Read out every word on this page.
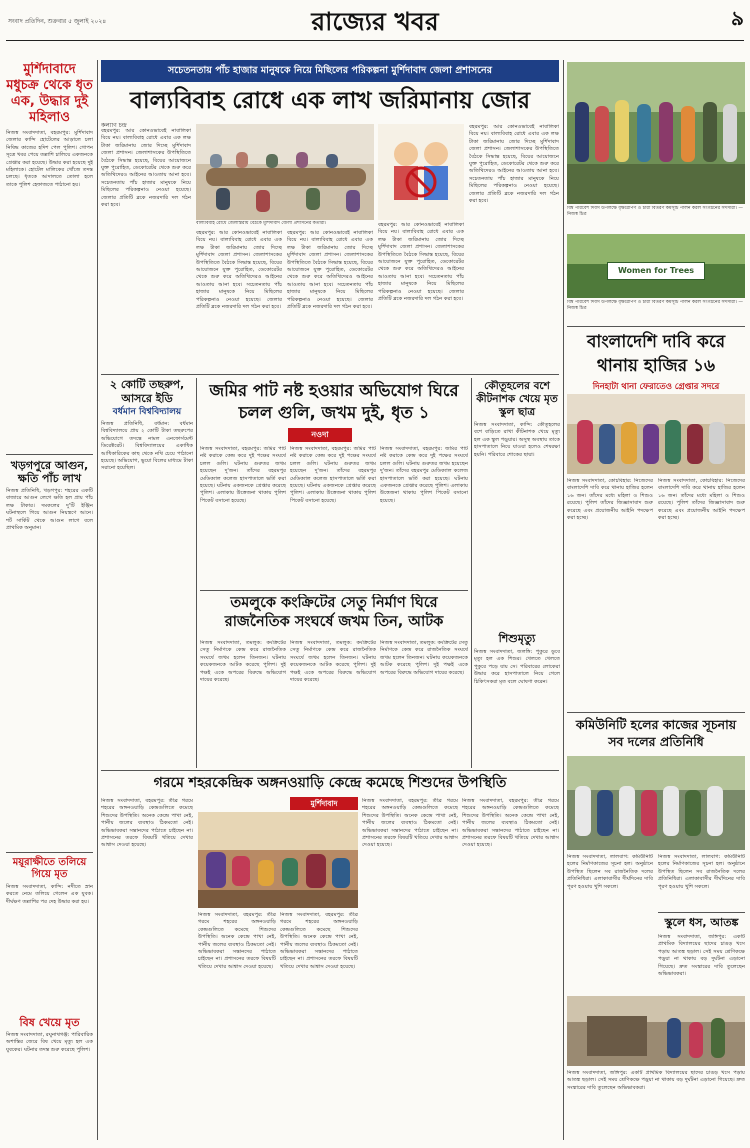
সংবাদ প্রতিদিন, শুক্রবার ৫ জুলাই ২০২৪	রাজ্যের খবর	৯
মুর্শিদাবাদে মধুচক্র থেকে ধৃত এক, উদ্ধার দুই মহিলাও
নিজস্ব সংবাদদাতা, বহরমপুর: মুর্শিদাবাদ জেলার কান্দি হোটেলের আড়ালে চলা নিষিদ্ধ কাজের হদিশ পেল পুলিশ। গোপন সূত্রে খবর পেয়ে তল্লাশি চালিয়ে একজনকে গ্রেপ্তার করা হয়েছে। উদ্ধার করা হয়েছে দুই মহিলাকে। হোটেল মালিকের খোঁজে তদন্ত চলছে। ধৃতকে আদালতে তোলা হলে তাকে পুলিশ হেফাজতে পাঠানো হয়।
খড়গপুরে আগুন, ক্ষতি পাঁচ লাখ
নিজস্ব প্রতিনিধি, খড়গপুর: শহরের একটি বাজারে আগুন লেগে ক্ষতি হল প্রায় পাঁচ লক্ষ টাকার। দমকলের দু'টি ইঞ্জিন ঘটনাস্থলে গিয়ে আগুন নিয়ন্ত্রণে আনে। শর্ট সার্কিট থেকে আগুন লাগে বলে প্রাথমিক অনুমান।
ময়ূরাক্ষীতে তলিয়ে গিয়ে মৃত
নিজস্ব সংবাদদাতা, কান্দি: নদীতে স্নান করতে নেমে তলিয়ে গেলেন এক যুবক। দীর্ঘক্ষণ তল্লাশির পর দেহ উদ্ধার করা হয়।
বিষ খেয়ে মৃত
নিজস্ব সংবাদদাতা, রঘুনাথগঞ্জ: পারিবারিক অশান্তির জেরে বিষ খেয়ে মৃত্যু হল এক যুবকের। ঘটনার তদন্ত শুরু করেছে পুলিশ।
সচেতনতায় পাঁচ হাজার মানুষকে নিয়ে মিছিলের পরিকল্পনা মুর্শিদাবাদ জেলা প্রশাসনের
বাল্যবিবাহ রোধে এক লাখ জরিমানায় জোর
কল্যাণ চন্দ্র
বহরমপুর: আর কোনওভাবেই নাবালিকা বিয়ে নয়। বাল্যবিবাহ রোধে এবার এক লক্ষ টাকা জরিমানায় জোর দিচ্ছে মুর্শিদাবাদ জেলা প্রশাসন। জেলাশাসকের উপস্থিতিতে বৈঠকে সিদ্ধান্ত হয়েছে, বিয়ের আয়োজনে যুক্ত পুরোহিত, ডেকোরেটর থেকে শুরু করে অতিথিদেরও আইনের আওতায় আনা হবে। সচেতনতায় পাঁচ হাজার মানুষকে নিয়ে মিছিলের পরিকল্পনাও নেওয়া হয়েছে। জেলার প্রতিটি ব্লকে নজরদারি দল গঠন করা হবে।
বাল্যবিবাহ রোধে জেলাস্তরীয় বৈঠকে মুর্শিদাবাদ জেলা প্রশাসনের কর্তারা।
বহরমপুর: আর কোনওভাবেই নাবালিকা বিয়ে নয়। বাল্যবিবাহ রোধে এবার এক লক্ষ টাকা জরিমানায় জোর দিচ্ছে মুর্শিদাবাদ জেলা প্রশাসন। জেলাশাসকের উপস্থিতিতে বৈঠকে সিদ্ধান্ত হয়েছে, বিয়ের আয়োজনে যুক্ত পুরোহিত, ডেকোরেটর থেকে শুরু করে অতিথিদেরও আইনের আওতায় আনা হবে। সচেতনতায় পাঁচ হাজার মানুষকে নিয়ে মিছিলের পরিকল্পনাও নেওয়া হয়েছে। জেলার প্রতিটি ব্লকে নজরদারি দল গঠন করা হবে।
বহরমপুর: আর কোনওভাবেই নাবালিকা বিয়ে নয়। বাল্যবিবাহ রোধে এবার এক লক্ষ টাকা জরিমানায় জোর দিচ্ছে মুর্শিদাবাদ জেলা প্রশাসন। জেলাশাসকের উপস্থিতিতে বৈঠকে সিদ্ধান্ত হয়েছে, বিয়ের আয়োজনে যুক্ত পুরোহিত, ডেকোরেটর থেকে শুরু করে অতিথিদেরও আইনের আওতায় আনা হবে। সচেতনতায় পাঁচ হাজার মানুষকে নিয়ে মিছিলের পরিকল্পনাও নেওয়া হয়েছে। জেলার প্রতিটি ব্লকে নজরদারি দল গঠন করা হবে।
বহরমপুর: আর কোনওভাবেই নাবালিকা বিয়ে নয়। বাল্যবিবাহ রোধে এবার এক লক্ষ টাকা জরিমানায় জোর দিচ্ছে মুর্শিদাবাদ জেলা প্রশাসন। জেলাশাসকের উপস্থিতিতে বৈঠকে সিদ্ধান্ত হয়েছে, বিয়ের আয়োজনে যুক্ত পুরোহিত, ডেকোরেটর থেকে শুরু করে অতিথিদেরও আইনের আওতায় আনা হবে। সচেতনতায় পাঁচ হাজার মানুষকে নিয়ে মিছিলের পরিকল্পনাও নেওয়া হয়েছে। জেলার প্রতিটি ব্লকে নজরদারি দল গঠন করা হবে।
বহরমপুর: আর কোনওভাবেই নাবালিকা বিয়ে নয়। বাল্যবিবাহ রোধে এবার এক লক্ষ টাকা জরিমানায় জোর দিচ্ছে মুর্শিদাবাদ জেলা প্রশাসন। জেলাশাসকের উপস্থিতিতে বৈঠকে সিদ্ধান্ত হয়েছে, বিয়ের আয়োজনে যুক্ত পুরোহিত, ডেকোরেটর থেকে শুরু করে অতিথিদেরও আইনের আওতায় আনা হবে। সচেতনতায় পাঁচ হাজার মানুষকে নিয়ে মিছিলের পরিকল্পনাও নেওয়া হয়েছে। জেলার প্রতিটি ব্লকে নজরদারি দল গঠন করা হবে।
২ কোটি তছরুপ, আসরে ইডি
বর্ধমান বিশ্ববিদ্যালয়
নিজস্ব প্রতিনিধি, বর্ধমান: বর্ধমান বিশ্ববিদ্যালয়ে প্রায় ২ কোটি টাকা তছরুপের অভিযোগে তদন্তে নামল এনফোর্সমেন্ট ডিরেক্টরেট। বিশ্ববিদ্যালয়ের একাধিক আধিকারিকের কাছ থেকে নথি চেয়ে পাঠানো হয়েছে। অভিযোগ, ভুয়ো বিলের মাধ্যমে টাকা সরানো হয়েছিল।
জমির পাট নষ্ট হওয়ার অভিযোগ ঘিরে চলল গুলি, জখম দুই, ধৃত ১
নওদা
নিজস্ব সংবাদদাতা, বহরমপুর: জমির পাট নষ্ট করাকে কেন্দ্র করে দুই পক্ষের সংঘর্ষে চলল গুলি। ঘটনায় গুরুতর জখম হয়েছেন দু'জন। তাঁদের বহরমপুর মেডিক্যাল কলেজ হাসপাতালে ভর্তি করা হয়েছে। ঘটনায় একজনকে গ্রেপ্তার করেছে পুলিশ। এলাকায় উত্তেজনা থাকায় পুলিশ পিকেট বসানো হয়েছে।
নিজস্ব সংবাদদাতা, বহরমপুর: জমির পাট নষ্ট করাকে কেন্দ্র করে দুই পক্ষের সংঘর্ষে চলল গুলি। ঘটনায় গুরুতর জখম হয়েছেন দু'জন। তাঁদের বহরমপুর মেডিক্যাল কলেজ হাসপাতালে ভর্তি করা হয়েছে। ঘটনায় একজনকে গ্রেপ্তার করেছে পুলিশ। এলাকায় উত্তেজনা থাকায় পুলিশ পিকেট বসানো হয়েছে।
নিজস্ব সংবাদদাতা, বহরমপুর: জমির পাট নষ্ট করাকে কেন্দ্র করে দুই পক্ষের সংঘর্ষে চলল গুলি। ঘটনায় গুরুতর জখম হয়েছেন দু'জন। তাঁদের বহরমপুর মেডিক্যাল কলেজ হাসপাতালে ভর্তি করা হয়েছে। ঘটনায় একজনকে গ্রেপ্তার করেছে পুলিশ। এলাকায় উত্তেজনা থাকায় পুলিশ পিকেট বসানো হয়েছে।
কৌতূহলের বশে কীটনাশক খেয়ে মৃত স্কুল ছাত্র
নিজস্ব সংবাদদাতা, কান্দি: কৌতূহলের বশে বাড়িতে রাখা কীটনাশক খেয়ে মৃত্যু হল এক স্কুল পড়ুয়ার। অসুস্থ অবস্থায় তাকে হাসপাতালে নিয়ে যাওয়া হলেও শেষরক্ষা হয়নি। পরিবারে শোকের ছায়া।
শিশুমৃত্যু
নিজস্ব সংবাদদাতা, জলঙ্গি: পুকুরে ডুবে মৃত্যু হল এক শিশুর। খেলতে খেলতে পুকুরে পড়ে যায় সে। পরিবারের লোকেরা উদ্ধার করে হাসপাতালে নিয়ে গেলে চিকিৎসকরা মৃত বলে ঘোষণা করেন।
তমলুকে কংক্রিটের সেতু নির্মাণ ঘিরে রাজনৈতিক সংঘর্ষে জখম তিন, আটক
নিজস্ব সংবাদদাতা, তমলুক: কংক্রিটের সেতু নির্মাণকে কেন্দ্র করে রাজনৈতিক সংঘর্ষে জখম হলেন তিনজন। ঘটনায় কয়েকজনকে আটক করেছে পুলিশ। দুই পক্ষই একে অপরের বিরুদ্ধে অভিযোগ দায়ের করেছে।
নিজস্ব সংবাদদাতা, তমলুক: কংক্রিটের সেতু নির্মাণকে কেন্দ্র করে রাজনৈতিক সংঘর্ষে জখম হলেন তিনজন। ঘটনায় কয়েকজনকে আটক করেছে পুলিশ। দুই পক্ষই একে অপরের বিরুদ্ধে অভিযোগ দায়ের করেছে।
নিজস্ব সংবাদদাতা, তমলুক: কংক্রিটের সেতু নির্মাণকে কেন্দ্র করে রাজনৈতিক সংঘর্ষে জখম হলেন তিনজন। ঘটনায় কয়েকজনকে আটক করেছে পুলিশ। দুই পক্ষই একে অপরের বিরুদ্ধে অভিযোগ দায়ের করেছে।
গরমে শহরকেন্দ্রিক অঙ্গনওয়াড়ি কেন্দ্রে কমেছে শিশুদের উপস্থিতি
নিজস্ব সংবাদদাতা, বহরমপুর: তীব্র গরমে শহরের অঙ্গনওয়াড়ি কেন্দ্রগুলিতে কমেছে শিশুদের উপস্থিতি। অনেক কেন্দ্রে পাখা নেই, পানীয় জলের ব্যবস্থাও ঠিকমতো নেই। অভিভাবকরা সন্তানদের পাঠাতে চাইছেন না। প্রশাসনের তরফে বিষয়টি খতিয়ে দেখার আশ্বাস দেওয়া হয়েছে।
মুর্শিদাবাদ
নিজস্ব সংবাদদাতা, বহরমপুর: তীব্র গরমে শহরের অঙ্গনওয়াড়ি কেন্দ্রগুলিতে কমেছে শিশুদের উপস্থিতি। অনেক কেন্দ্রে পাখা নেই, পানীয় জলের ব্যবস্থাও ঠিকমতো নেই। অভিভাবকরা সন্তানদের পাঠাতে চাইছেন না। প্রশাসনের তরফে বিষয়টি খতিয়ে দেখার আশ্বাস দেওয়া হয়েছে।
নিজস্ব সংবাদদাতা, বহরমপুর: তীব্র গরমে শহরের অঙ্গনওয়াড়ি কেন্দ্রগুলিতে কমেছে শিশুদের উপস্থিতি। অনেক কেন্দ্রে পাখা নেই, পানীয় জলের ব্যবস্থাও ঠিকমতো নেই। অভিভাবকরা সন্তানদের পাঠাতে চাইছেন না। প্রশাসনের তরফে বিষয়টি খতিয়ে দেখার আশ্বাস দেওয়া হয়েছে।
নিজস্ব সংবাদদাতা, বহরমপুর: তীব্র গরমে শহরের অঙ্গনওয়াড়ি কেন্দ্রগুলিতে কমেছে শিশুদের উপস্থিতি। অনেক কেন্দ্রে পাখা নেই, পানীয় জলের ব্যবস্থাও ঠিকমতো নেই। অভিভাবকরা সন্তানদের পাঠাতে চাইছেন না। প্রশাসনের তরফে বিষয়টি খতিয়ে দেখার আশ্বাস দেওয়া হয়েছে।
নিজস্ব সংবাদদাতা, বহরমপুর: তীব্র গরমে শহরের অঙ্গনওয়াড়ি কেন্দ্রগুলিতে কমেছে শিশুদের উপস্থিতি। অনেক কেন্দ্রে পাখা নেই, পানীয় জলের ব্যবস্থাও ঠিকমতো নেই। অভিভাবকরা সন্তানদের পাঠাতে চাইছেন না। প্রশাসনের তরফে বিষয়টি খতিয়ে দেখার আশ্বাস দেওয়া হয়েছে।
বিশ্ব পরিবেশ দিবস উপলক্ষে বৃক্ষরোপণ ও চারা বিতরণ কর্মসূচি পালন করল সংগঠনের সদস্যরা। —নিজস্ব চিত্র
Women for Trees
বিশ্ব পরিবেশ দিবস উপলক্ষে বৃক্ষরোপণ ও চারা বিতরণ কর্মসূচি পালন করল সংগঠনের সদস্যরা। —নিজস্ব চিত্র
বাংলাদেশি দাবি করে থানায় হাজির ১৬
দিনহাটা থানা ফেরাতেও গ্রেপ্তার সদরে
নিজস্ব সংবাদদাতা, কোচবিহার: নিজেদের বাংলাদেশি দাবি করে থানায় হাজির হলেন ১৬ জন। তাঁদের মধ্যে মহিলা ও শিশুও রয়েছে। পুলিশ তাঁদের জিজ্ঞাসাবাদ শুরু করেছে এবং প্রয়োজনীয় আইনি পদক্ষেপ করা হচ্ছে।
নিজস্ব সংবাদদাতা, কোচবিহার: নিজেদের বাংলাদেশি দাবি করে থানায় হাজির হলেন ১৬ জন। তাঁদের মধ্যে মহিলা ও শিশুও রয়েছে। পুলিশ তাঁদের জিজ্ঞাসাবাদ শুরু করেছে এবং প্রয়োজনীয় আইনি পদক্ষেপ করা হচ্ছে।
কমিউনিটি হলের কাজের সূচনায় সব দলের প্রতিনিধি
নিজস্ব সংবাদদাতা, লালবাগ: কমিউনিটি হলের নির্মাণকাজের সূচনা হল। অনুষ্ঠানে উপস্থিত ছিলেন সব রাজনৈতিক দলের প্রতিনিধিরা। এলাকাবাসীর দীর্ঘদিনের দাবি পূরণ হওয়ায় খুশি সকলে।
নিজস্ব সংবাদদাতা, লালবাগ: কমিউনিটি হলের নির্মাণকাজের সূচনা হল। অনুষ্ঠানে উপস্থিত ছিলেন সব রাজনৈতিক দলের প্রতিনিধিরা। এলাকাবাসীর দীর্ঘদিনের দাবি পূরণ হওয়ায় খুশি সকলে।
স্কুলে ধস, আতঙ্ক
নিজস্ব সংবাদদাতা, জঙ্গিপুর: একটি প্রাথমিক বিদ্যালয়ের ছাদের চাঙড় খসে পড়ায় আতঙ্ক ছড়াল। সেই সময় শ্রেণিকক্ষে পড়ুয়া না থাকায় বড় দুর্ঘটনা এড়ানো গিয়েছে। দ্রুত সংস্কারের দাবি তুলেছেন অভিভাবকরা।
নিজস্ব সংবাদদাতা, জঙ্গিপুর: একটি প্রাথমিক বিদ্যালয়ের ছাদের চাঙড় খসে পড়ায় আতঙ্ক ছড়াল। সেই সময় শ্রেণিকক্ষে পড়ুয়া না থাকায় বড় দুর্ঘটনা এড়ানো গিয়েছে। দ্রুত সংস্কারের দাবি তুলেছেন অভিভাবকরা।
